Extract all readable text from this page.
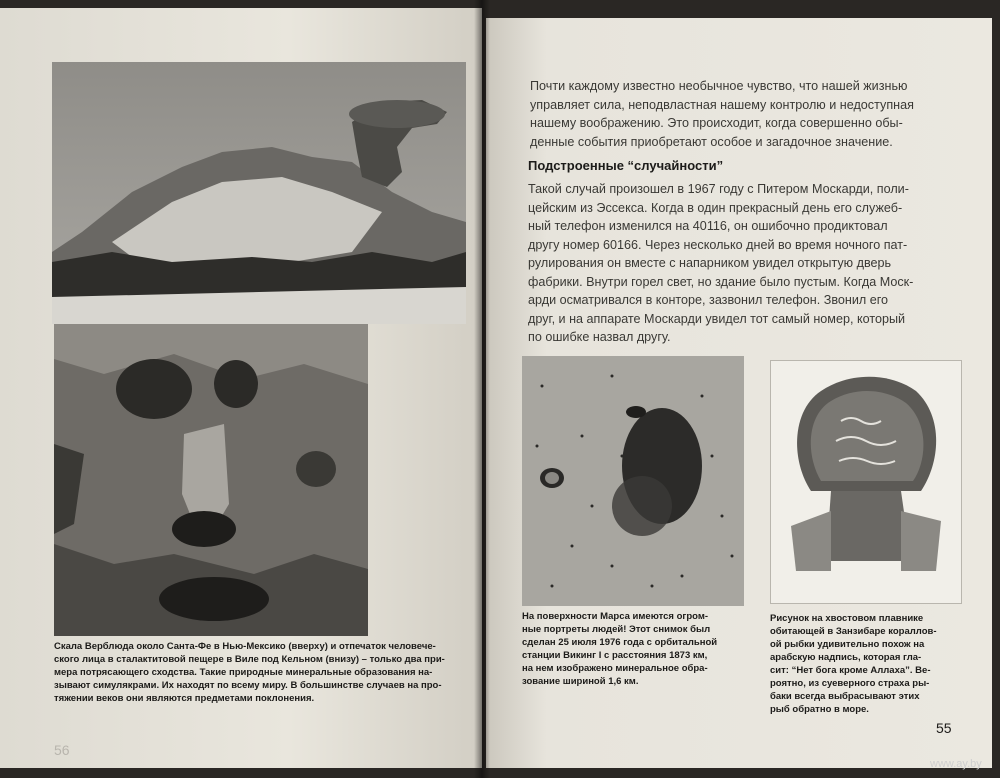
Скала Верблюда около Санта-Фе в Нью-Мексико (вверху) и отпечаток человече-
ского лица в сталактитовой пещере в Виле под Кельном (внизу) – только два при-
мера потрясающего сходства. Такие природные минеральные образования на-
зывают симулякрами. Их находят по всему миру. В большинстве случаев на про-
тяжении веков они являются предметами поклонения.
56
Почти каждому известно необычное чувство, что нашей жизнью
управляет сила, неподвластная нашему контролю и недоступная
нашему воображению. Это происходит, когда совершенно обы-
денные события приобретают особое и загадочное значение.
Подстроенные “случайности”
Такой случай произошел в 1967 году с Питером Москарди, поли-
цейским из Эссекса. Когда в один прекрасный день его служеб-
ный телефон изменился на 40116, он ошибочно продиктовал
другу номер 60166. Через несколько дней во время ночного пат-
рулирования он вместе с напарником увидел открытую дверь
фабрики. Внутри горел свет, но здание было пустым. Когда Моск-
арди осматривался в конторе, зазвонил телефон. Звонил его
друг, и на аппарате Москарди увидел тот самый номер, который
по ошибке назвал другу.
На поверхности Марса имеются огром-
ные портреты людей! Этот снимок был
сделан 25 июля 1976 года с орбитальной
станции Викинг I с расстояния 1873 км,
на нем изображено минеральное обра-
зование шириной 1,6 км.
Рисунок на хвостовом плавнике
обитающей в Занзибаре кораллов-
ой рыбки удивительно похож на
арабскую надпись, которая гла-
сит: “Нет бога кроме Аллаха”. Ве-
роятно, из суеверного страха ры-
баки всегда выбрасывают этих
рыб обратно в море.
55
www.ay.by
